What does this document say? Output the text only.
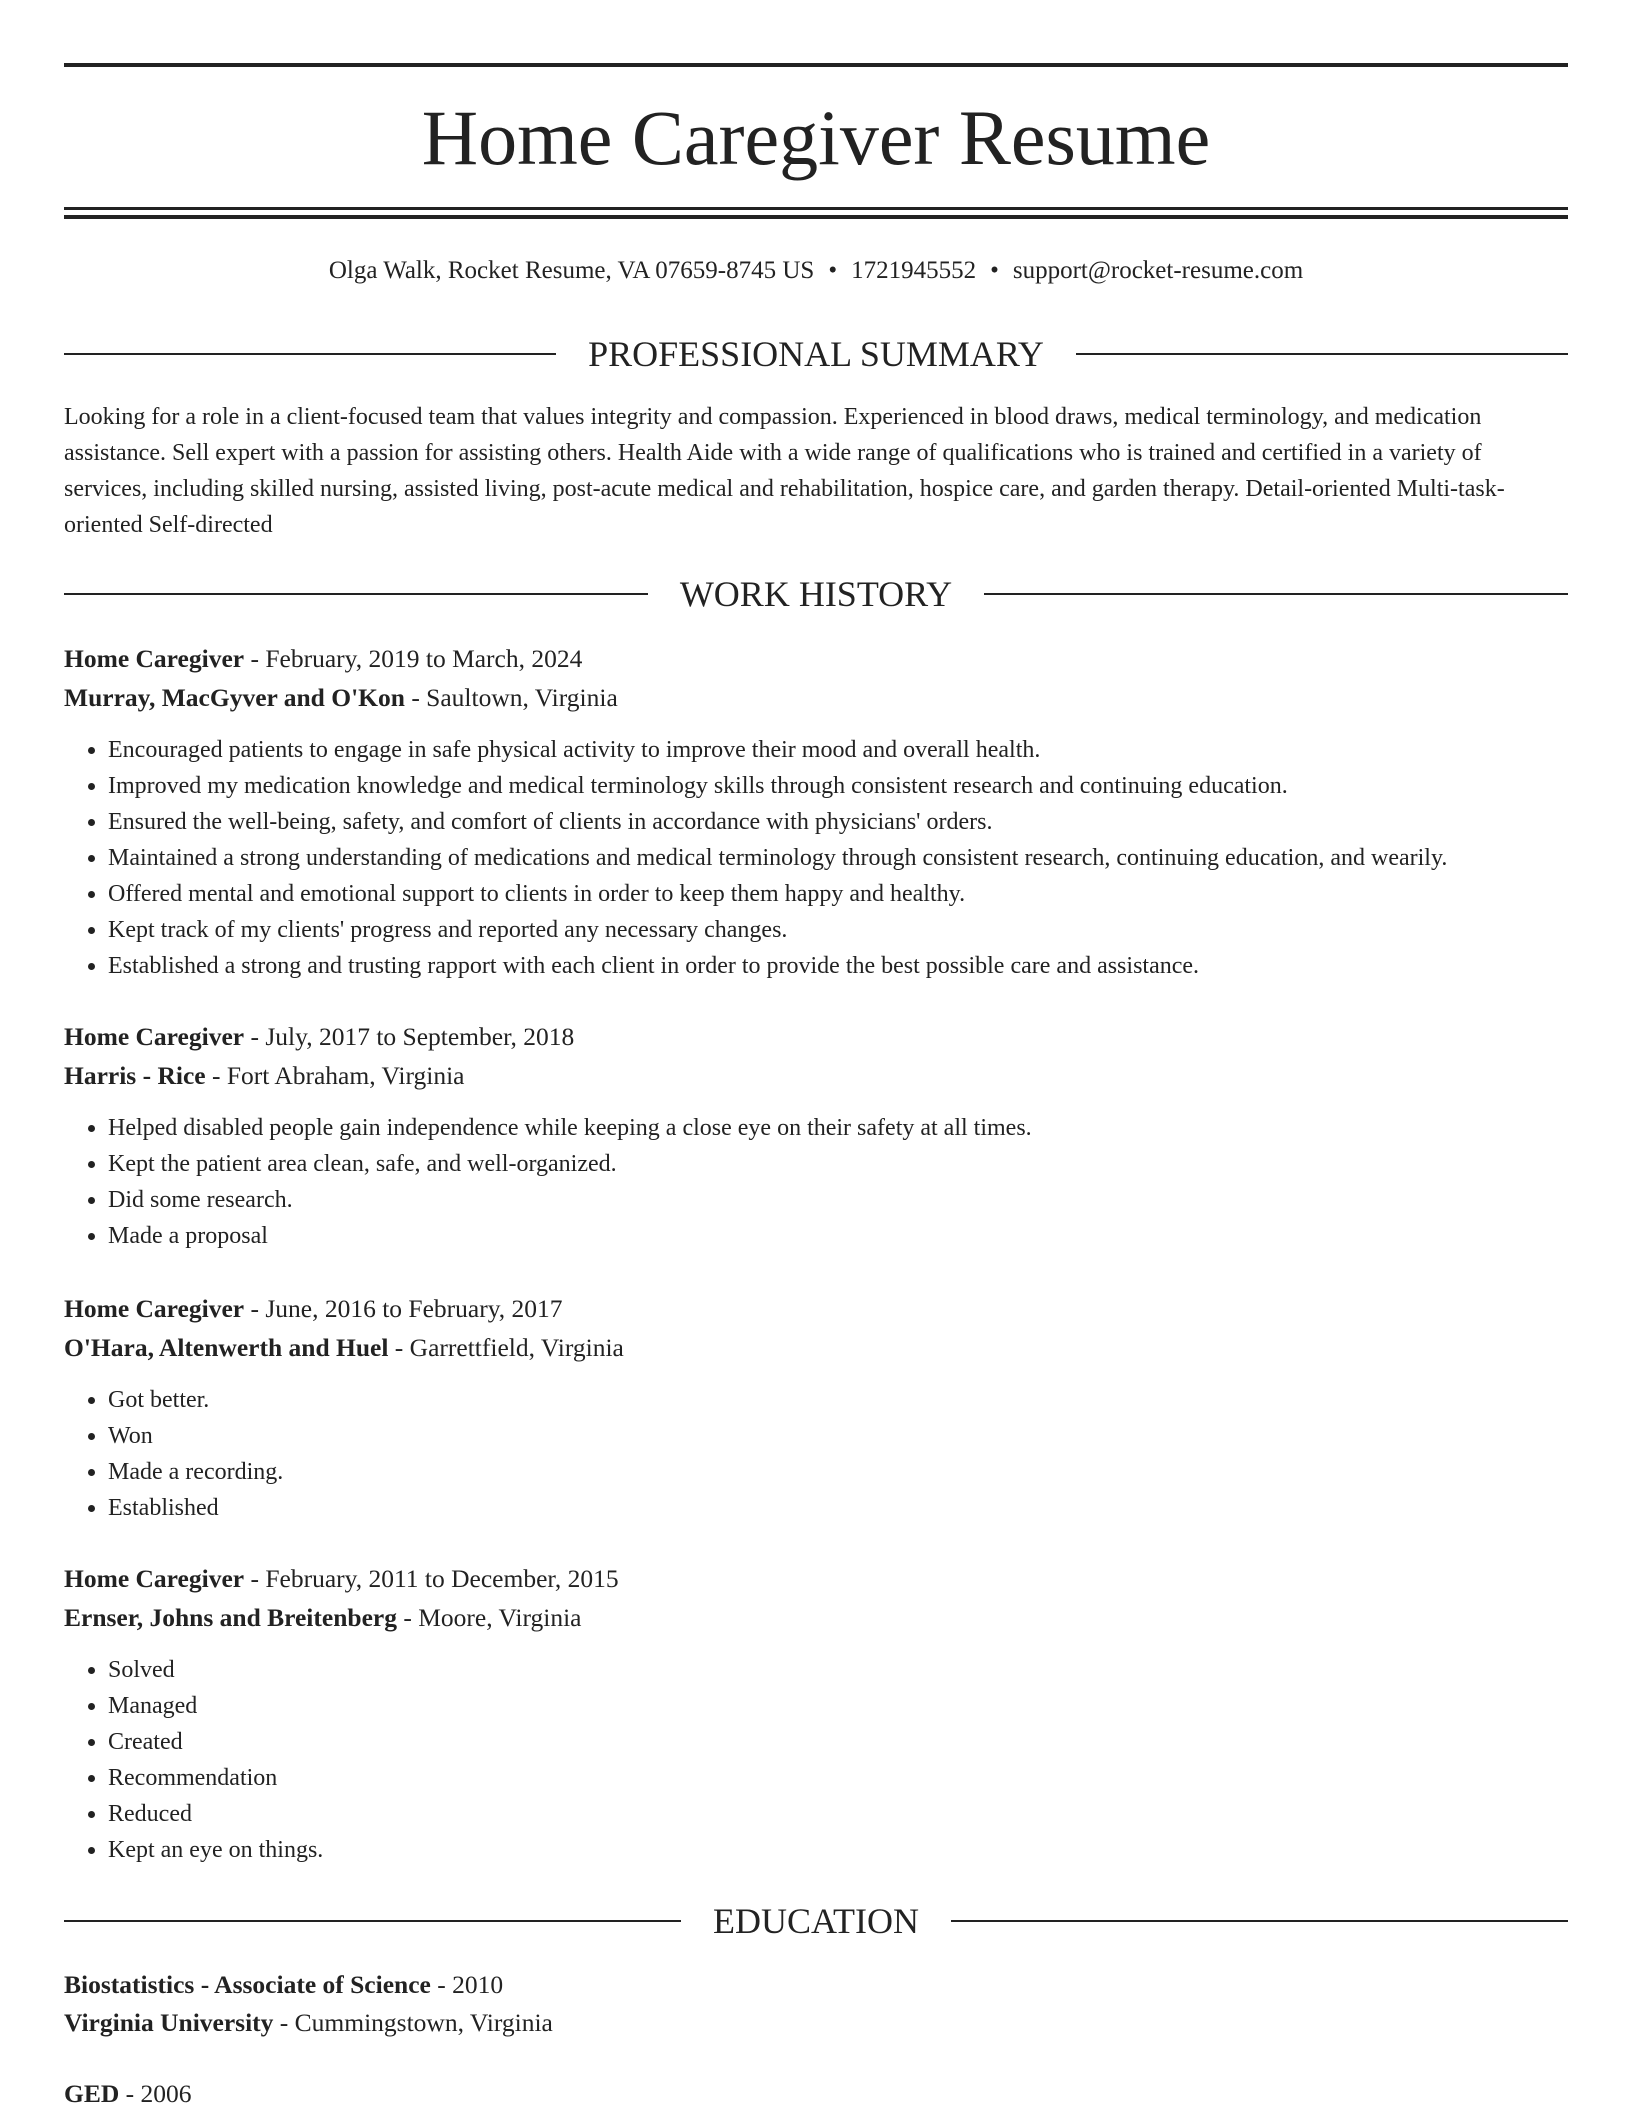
Home Caregiver Resume
Olga Walk, Rocket Resume, VA 07659-8745 US • 1721945552 • support@rocket-resume.com
PROFESSIONAL SUMMARY

Looking for a role in a client-focused team that values integrity and compassion. Experienced in blood draws, medical terminology, and medication assistance. Sell expert with a passion for assisting others. Health Aide with a wide range of qualifications who is trained and certified in a variety of services, including skilled nursing, assisted living, post-acute medical and rehabilitation, hospice care, and garden therapy. Detail-oriented Multi-task-oriented Self-directed

WORK HISTORY
Home Caregiver - February, 2019 to March, 2024
Murray, MacGyver and O'Kon - Saultown, Virginia
• Encouraged patients to engage in safe physical activity to improve their mood and overall health.
• Improved my medication knowledge and medical terminology skills through consistent research and continuing education.
• Ensured the well-being, safety, and comfort of clients in accordance with physicians' orders.
• Maintained a strong understanding of medications and medical terminology through consistent research, continuing education, and wearily.
• Offered mental and emotional support to clients in order to keep them happy and healthy.
• Kept track of my clients' progress and reported any necessary changes.
• Established a strong and trusting rapport with each client in order to provide the best possible care and assistance.
Home Caregiver - July, 2017 to September, 2018
Harris - Rice - Fort Abraham, Virginia
• Helped disabled people gain independence while keeping a close eye on their safety at all times.
• Kept the patient area clean, safe, and well-organized.
• Did some research.
• Made a proposal
Home Caregiver - June, 2016 to February, 2017
O'Hara, Altenwerth and Huel - Garrettfield, Virginia
• Got better.
• Won
• Made a recording.
• Established
Home Caregiver - February, 2011 to December, 2015
Ernser, Johns and Breitenberg - Moore, Virginia
• Solved
• Managed
• Created
• Recommendation
• Reduced
• Kept an eye on things.
EDUCATION
Biostatistics - Associate of Science - 2010
Virginia University - Cummingstown, Virginia
GED - 2006
